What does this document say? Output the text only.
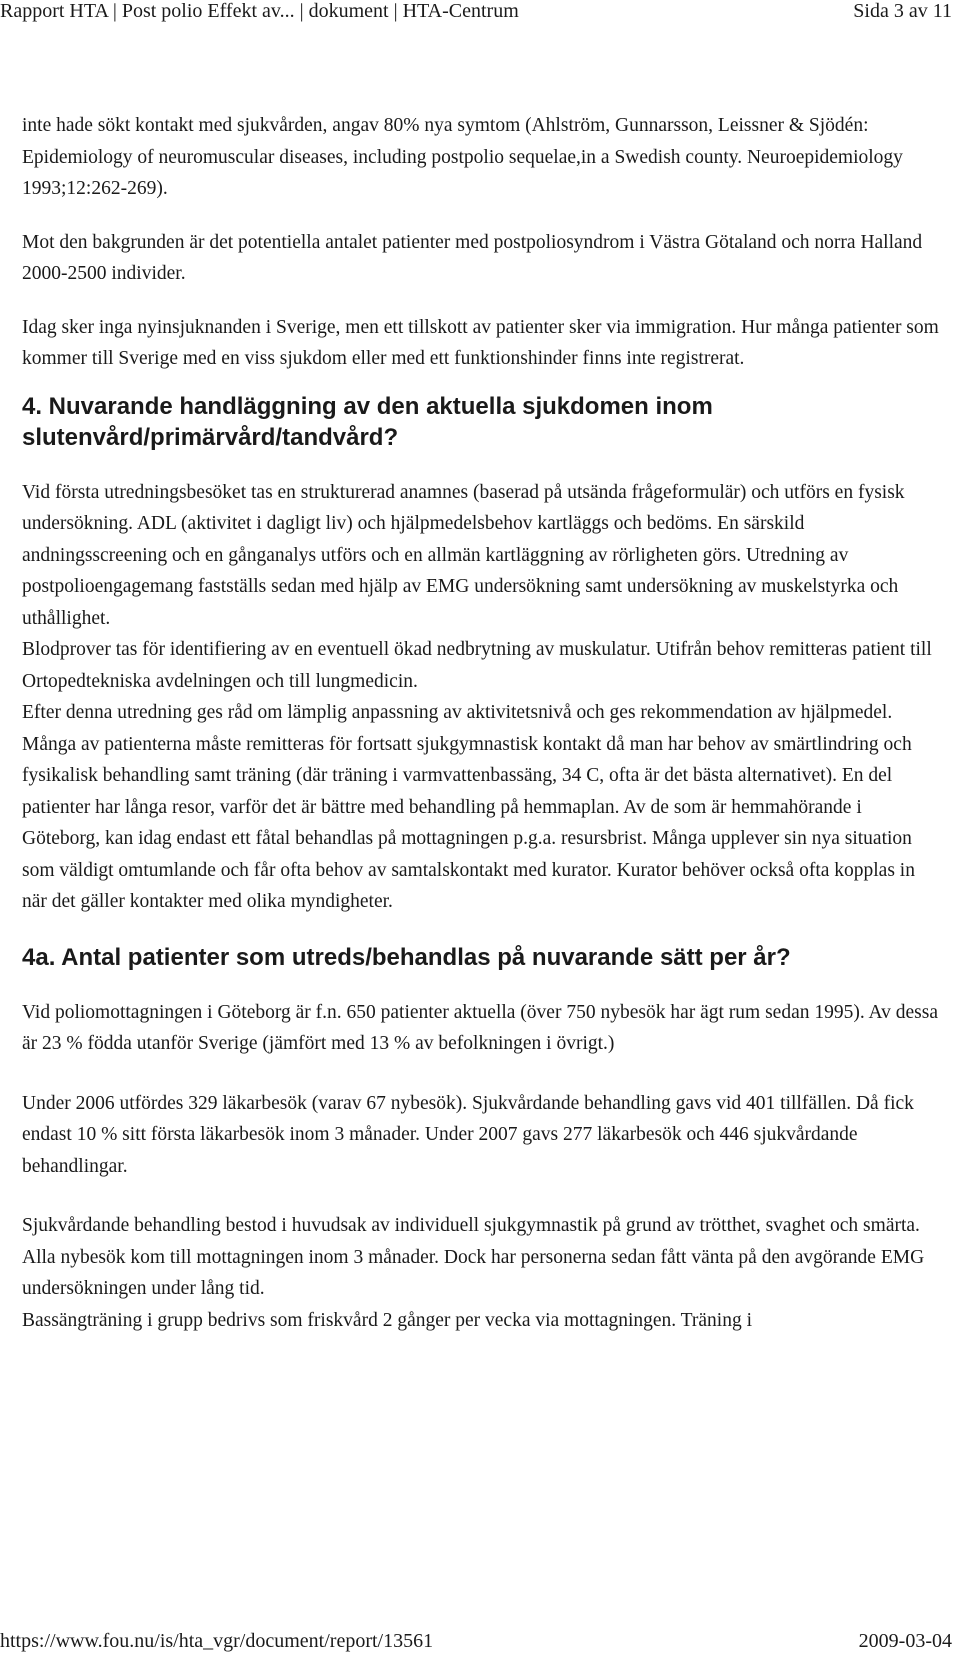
Rapport HTA | Post polio Effekt av... | dokument | HTA-Centrum	Sida 3 av 11

inte hade sökt kontakt med sjukvården, angav 80% nya symtom (Ahlström, Gunnarsson, Leissner & Sjödén: Epidemiology of neuromuscular diseases, including postpolio sequelae,in a Swedish county. Neuroepidemiology 1993;12:262-269).

Mot den bakgrunden är det potentiella antalet patienter med postpoliosyndrom i Västra Götaland och norra Halland 2000-2500 individer.

Idag sker inga nyinsjuknanden i Sverige, men ett tillskott av patienter sker via immigration. Hur många patienter som kommer till Sverige med en viss sjukdom eller med ett funktionshinder finns inte registrerat.

4. Nuvarande handläggning av den aktuella sjukdomen inom slutenvård/primärvård/tandvård?

Vid första utredningsbesöket tas en strukturerad anamnes (baserad på utsända frågeformulär) och utförs en fysisk undersökning. ADL (aktivitet i dagligt liv) och hjälpmedelsbehov kartläggs och bedöms. En särskild andningsscreening och en gånganalys utförs och en allmän kartläggning av rörligheten görs. Utredning av postpolioengagemang fastställs sedan med hjälp av EMG undersökning samt undersökning av muskelstyrka och uthållighet.

Blodprover tas för identifiering av en eventuell ökad nedbrytning av muskulatur. Utifrån behov remitteras patient till Ortopedtekniska avdelningen och till lungmedicin.

Efter denna utredning ges råd om lämplig anpassning av aktivitetsnivå och ges rekommendation av hjälpmedel.

Många av patienterna måste remitteras för fortsatt sjukgymnastisk kontakt då man har behov av smärtlindring och fysikalisk behandling samt träning (där träning i varmvattenbassäng, 34 C, ofta är det bästa alternativet). En del patienter har långa resor, varför det är bättre med behandling på hemmaplan. Av de som är hemmahörande i Göteborg, kan idag endast ett fåtal behandlas på mottagningen p.g.a. resursbrist. Många upplever sin nya situation som väldigt omtumlande och får ofta behov av samtalskontakt med kurator. Kurator behöver också ofta kopplas in när det gäller kontakter med olika myndigheter.

4a. Antal patienter som utreds/behandlas på nuvarande sätt per år?

Vid poliomottagningen i Göteborg är f.n. 650 patienter aktuella (över 750 nybesök har ägt rum sedan 1995). Av dessa är 23 % födda utanför Sverige (jämfört med 13 % av befolkningen i övrigt.)

Under 2006 utfördes 329 läkarbesök (varav 67 nybesök). Sjukvårdande behandling gavs vid 401 tillfällen. Då fick endast 10 % sitt första läkarbesök inom 3 månader. Under 2007 gavs 277 läkarbesök och 446 sjukvårdande behandlingar.

Sjukvårdande behandling bestod i huvudsak av individuell sjukgymnastik på grund av trötthet, svaghet och smärta. Alla nybesök kom till mottagningen inom 3 månader. Dock har personerna sedan fått vänta på den avgörande EMG undersökningen under lång tid.

Bassängträning i grupp bedrivs som friskvård 2 gånger per vecka via mottagningen. Träning i

https://www.fou.nu/is/hta_vgr/document/report/13561	2009-03-04
